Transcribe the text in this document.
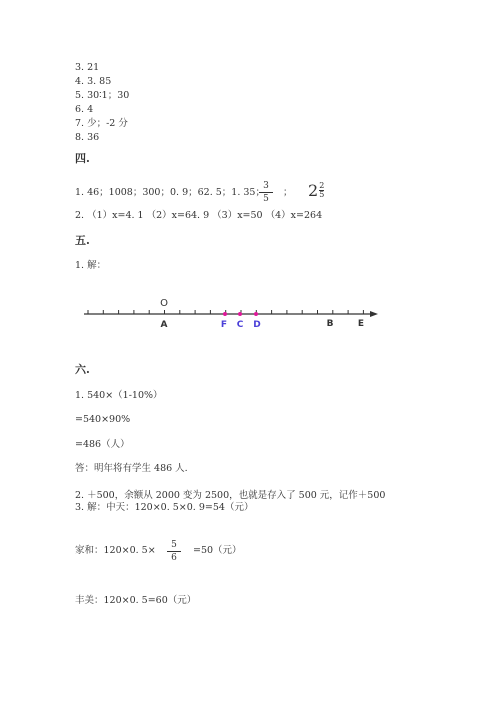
3. 21
4. 3. 85
5. 30∶1；30
6. 4
7. 少；-2 分
8. 36
四.
1. 46；1008；300；0. 9；62. 5；1. 35；
$\frac{3}{5}$ ； $2 \frac{2}{5}$
2. （1）x=4. 1 （2）x=64. 9 （3）x=50 （4）x=264
五.
1. 解：
O
A	F C D	B	E
六.
1. 540×（1-10%）
=540×90%
=486（人）
答：明年将有学生 486 人.
2. ＋500，余额从 2000 变为 2500，也就是存入了 500 元，记作＋500
3. 解：中天：120×0. 5×0. 9=54（元）
家和：120×0. $5\times \frac{5}{6} =50$（元）
丰美：120×0. 5=60（元）
